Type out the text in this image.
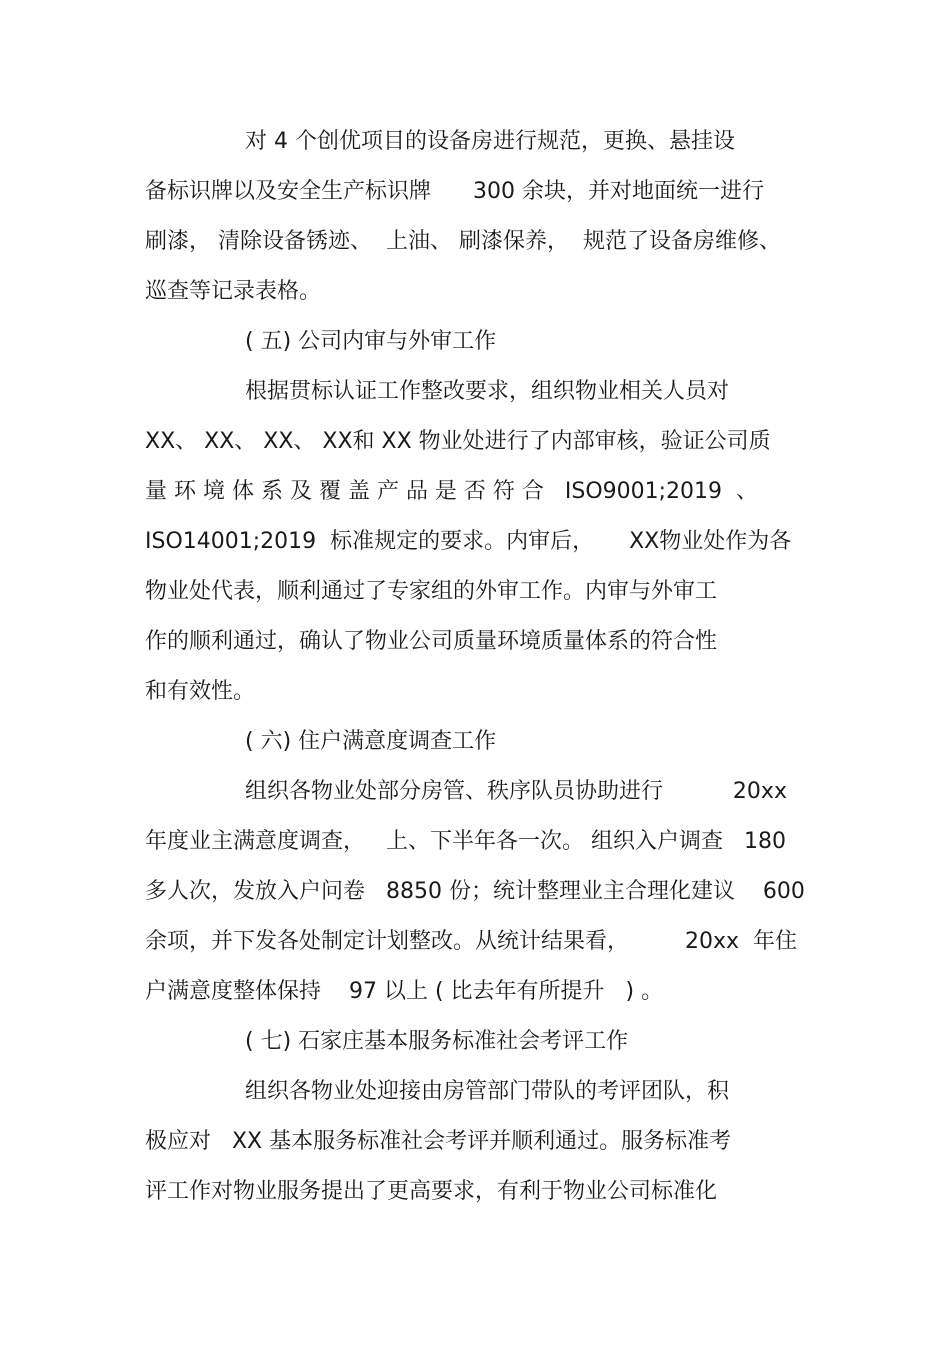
对 4 个创优项目的设备房进行规范，更换、悬挂设
备标识牌以及安全生产标识牌      300 余块，并对地面统一进行
刷漆， 清除设备锈迹、  上油、 刷漆保养，  规范了设备房维修、
巡查等记录表格。
( 五) 公司内审与外审工作
根据贯标认证工作整改要求，组织物业相关人员对
XX、 XX、 XX、 XX和 XX 物业处进行了内部审核，验证公司质
量 环 境 体 系 及 覆 盖 产 品 是 否 符 合   ISO9001;2019  、
ISO14001;2019  标准规定的要求。内审后，     XX物业处作为各
物业处代表，顺利通过了专家组的外审工作。内审与外审工
作的顺利通过，确认了物业公司质量环境质量体系的符合性
和有效性。
( 六) 住户满意度调查工作
组织各物业处部分房管、秩序队员协助进行          20xx
年度业主满意度调查，   上、下半年各一次。 组织入户调查   180
多人次，发放入户问卷   8850 份；统计整理业主合理化建议    600
余项，并下发各处制定计划整改。从统计结果看，        20xx  年住
户满意度整体保持    97 以上 ( 比去年有所提升   ) 。
( 七) 石家庄基本服务标准社会考评工作
组织各物业处迎接由房管部门带队的考评团队，积
极应对   XX 基本服务标准社会考评并顺利通过。服务标准考
评工作对物业服务提出了更高要求，有利于物业公司标准化
